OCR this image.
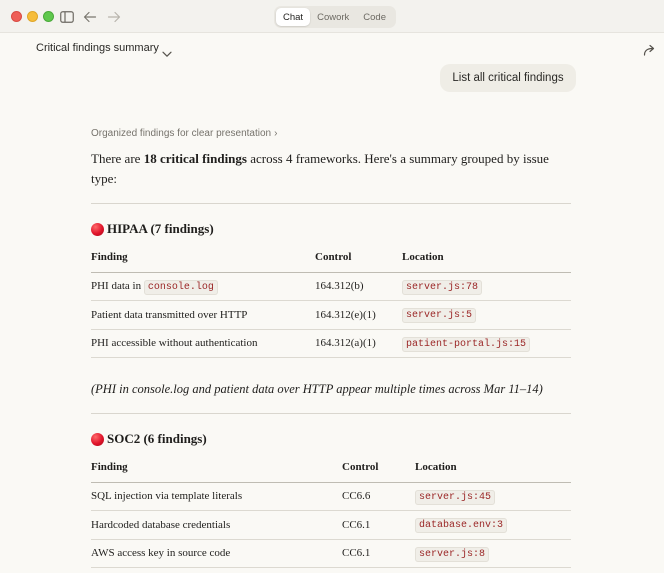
Chat	Cowork	Code
Critical findings summary
List all critical findings
Organized findings for clear presentation ›
There are 18 critical findings across 4 frameworks. Here's a summary grouped by issue type:
HIPAA (7 findings)
Finding	Control	Location
PHI data in console.log	164.312(b)	server.js:78
Patient data transmitted over HTTP	164.312(e)(1)	server.js:5
PHI accessible without authentication	164.312(a)(1)	patient-portal.js:15
(PHI in console.log and patient data over HTTP appear multiple times across Mar 11–14)
SOC2 (6 findings)
Finding	Control	Location
SQL injection via template literals	CC6.6	server.js:45
Hardcoded database credentials	CC6.1	database.env:3
AWS access key in source code	CC6.1	server.js:8
